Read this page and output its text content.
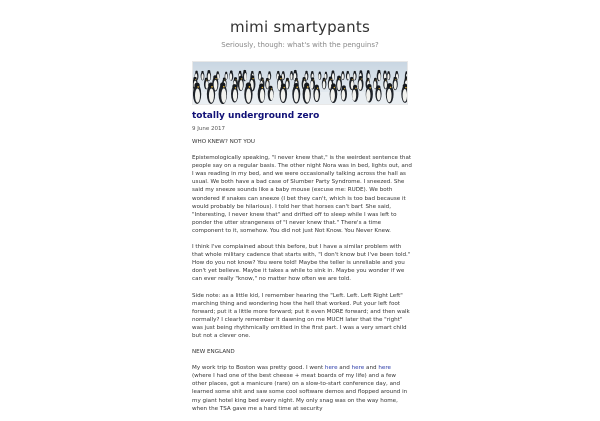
mimi smartypants
Seriously, though: what's with the penguins?
totally underground zero
9 June 2017

WHO KNEW? NOT YOU

Epistemologically speaking, "I never knew that," is the weirdest sentence that people say on a regular basis. The other night Nora was in bed, lights out, and I was reading in my bed, and we were occasionally talking across the hall as usual. We both have a bad case of Slumber Party Syndrome. I sneezed. She said my sneeze sounds like a baby mouse (excuse me: RUDE). We both wondered if snakes can sneeze (I bet they can't, which is too bad because it would probably be hilarious). I told her that horses can't barf. She said, "Interesting, I never knew that" and drifted off to sleep while I was left to ponder the utter strangeness of "I never knew that." There's a time component to it, somehow. You did not just Not Know. You Never Knew.

I think I've complained about this before, but I have a similar problem with that whole military cadence that starts with, "I don't know but I've been told." How do you not know? You were told! Maybe the teller is unreliable and you don't yet believe. Maybe it takes a while to sink in. Maybe you wonder if we can ever really "know," no matter how often we are told.

Side note: as a little kid, I remember hearing the "Left. Left. Left Right Left" marching thing and wondering how the hell that worked. Put your left foot forward; put it a little more forward; put it even MORE forward; and then walk normally? I clearly remember it dawning on me MUCH later that the "right" was just being rhythmically omitted in the first part. I was a very smart child but not a clever one.

NEW ENGLAND

My work trip to Boston was pretty good. I went here and here and here (where I had one of the best cheese + meat boards of my life) and a few other places, got a manicure (rare) on a slow-to-start conference day, and learned some shit and saw some cool software demos and flopped around in my giant hotel king bed every night. My only snag was on the way home, when the TSA gave me a hard time at security
